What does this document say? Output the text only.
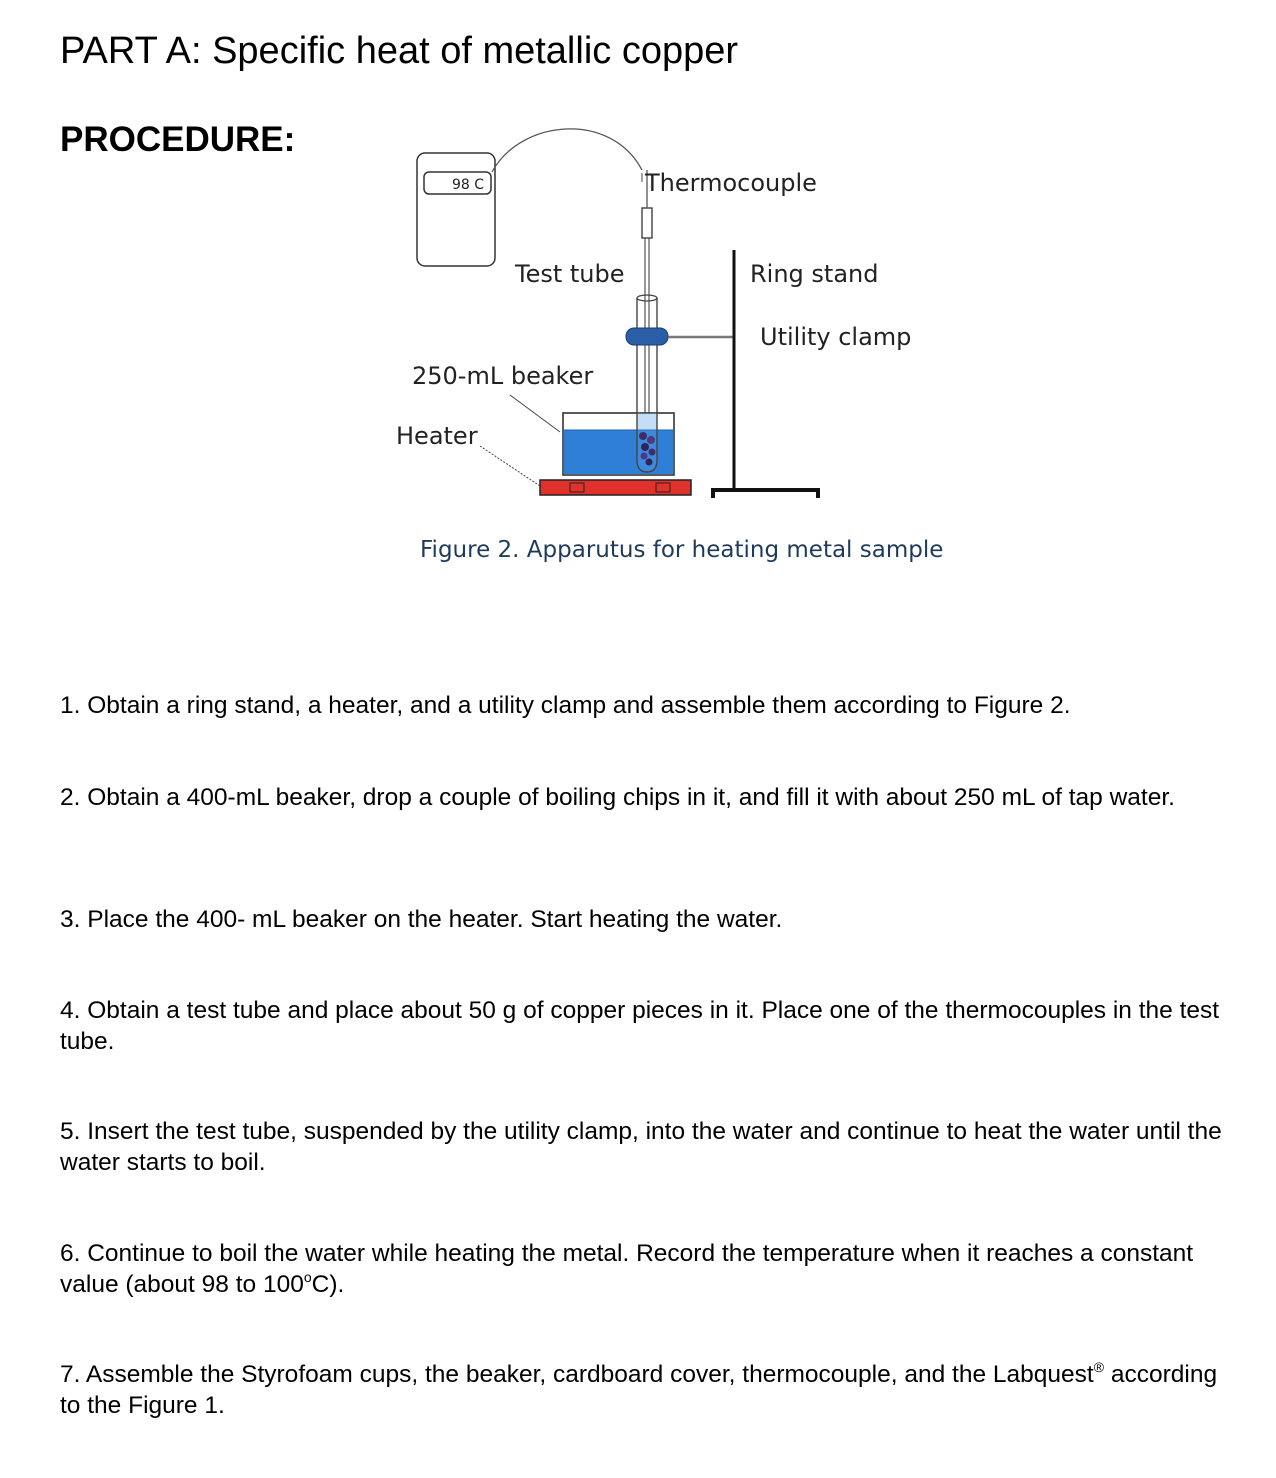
PART A: Specific heat of metallic copper
PROCEDURE:
98 C	Thermocouple
Test tube	Ring stand
Utility clamp
250-mL beaker
Heater
Figure 2. Apparutus for heating metal sample
1. Obtain a ring stand, a heater, and a utility clamp and assemble them according to Figure 2.
2. Obtain a 400-mL beaker, drop a couple of boiling chips in it, and fill it with about 250 mL of tap water.
3. Place the 400- mL beaker on the heater. Start heating the water.
4. Obtain a test tube and place about 50 g of copper pieces in it. Place one of the thermocouples in the test tube.
5. Insert the test tube, suspended by the utility clamp, into the water and continue to heat the water until the water starts to boil.
6. Continue to boil the water while heating the metal. Record the temperature when it reaches a constant value (about 98 to 100$^o$C).
7. Assemble the Styrofoam cups, the beaker, cardboard cover, thermocouple, and the Labquest® according to the Figure 1.
